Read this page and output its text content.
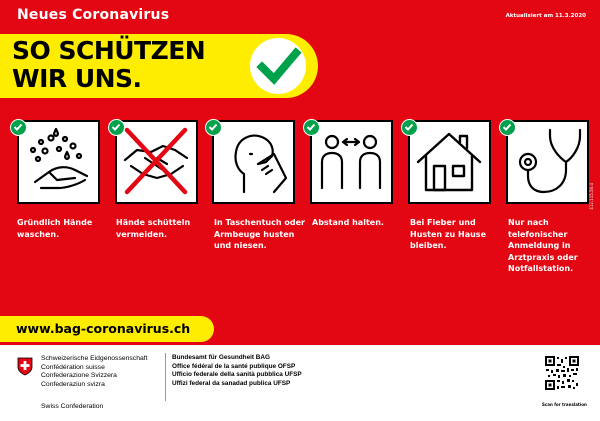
Neues Coronavirus	Aktualisiert am 11.3.2020
SO SCHÜTZEN
WIR UNS.
Gründlich Hände waschen.
Hände schütteln vermeiden.
In Taschentuch oder Armbeuge husten und niesen.
Abstand halten.	Bei Fieber und Husten zu Hause bleiben.
Nur nach telefonischer Anmeldung in Arztpraxis oder Notfallstation.
412.115.50.d
www.bag-coronavirus.ch
Schweizerische Eidgenossenschaft
Confédération suisse
Confederazione Svizzera
Confederaziun svizra
Swiss Confederation
Bundesamt für Gesundheit BAG
Office fédéral de la santé publique OFSP
Ufficio federale della sanità pubblica UFSP
Uffizi federal da sanadad publica UFSP
Scan for translation
